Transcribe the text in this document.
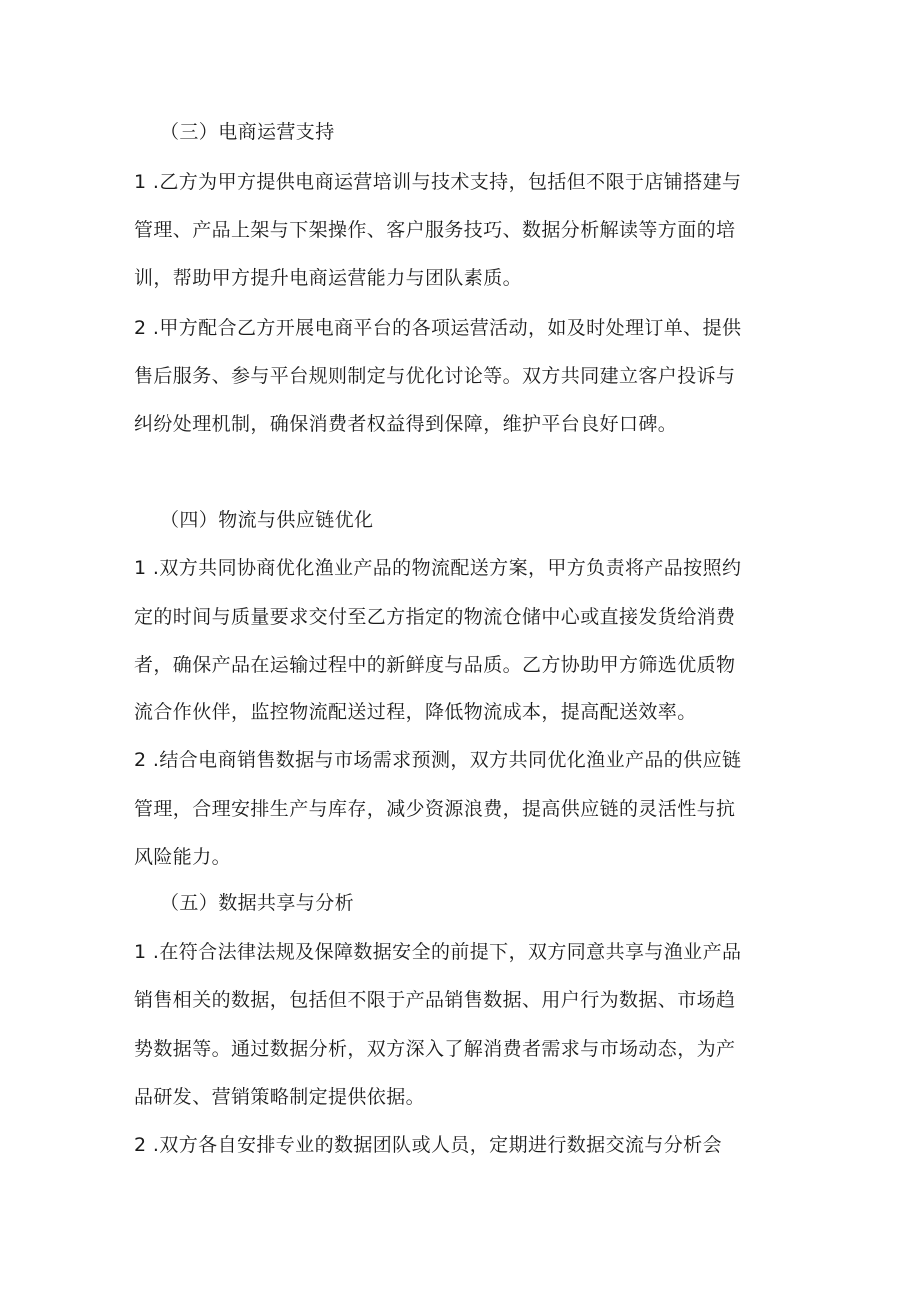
（三）电商运营支持
1 .乙方为甲方提供电商运营培训与技术支持，包括但不限于店铺搭建与
管理、产品上架与下架操作、客户服务技巧、数据分析解读等方面的培
训，帮助甲方提升电商运营能力与团队素质。
2 .甲方配合乙方开展电商平台的各项运营活动，如及时处理订单、提供
售后服务、参与平台规则制定与优化讨论等。双方共同建立客户投诉与
纠纷处理机制，确保消费者权益得到保障，维护平台良好口碑。
（四）物流与供应链优化
1 .双方共同协商优化渔业产品的物流配送方案，甲方负责将产品按照约
定的时间与质量要求交付至乙方指定的物流仓储中心或直接发货给消费
者，确保产品在运输过程中的新鲜度与品质。乙方协助甲方筛选优质物
流合作伙伴，监控物流配送过程，降低物流成本，提高配送效率。
2 .结合电商销售数据与市场需求预测，双方共同优化渔业产品的供应链
管理，合理安排生产与库存，减少资源浪费，提高供应链的灵活性与抗
风险能力。
（五）数据共享与分析
1 .在符合法律法规及保障数据安全的前提下，双方同意共享与渔业产品
销售相关的数据，包括但不限于产品销售数据、用户行为数据、市场趋
势数据等。通过数据分析，双方深入了解消费者需求与市场动态，为产
品研发、营销策略制定提供依据。
2 .双方各自安排专业的数据团队或人员，定期进行数据交流与分析会
